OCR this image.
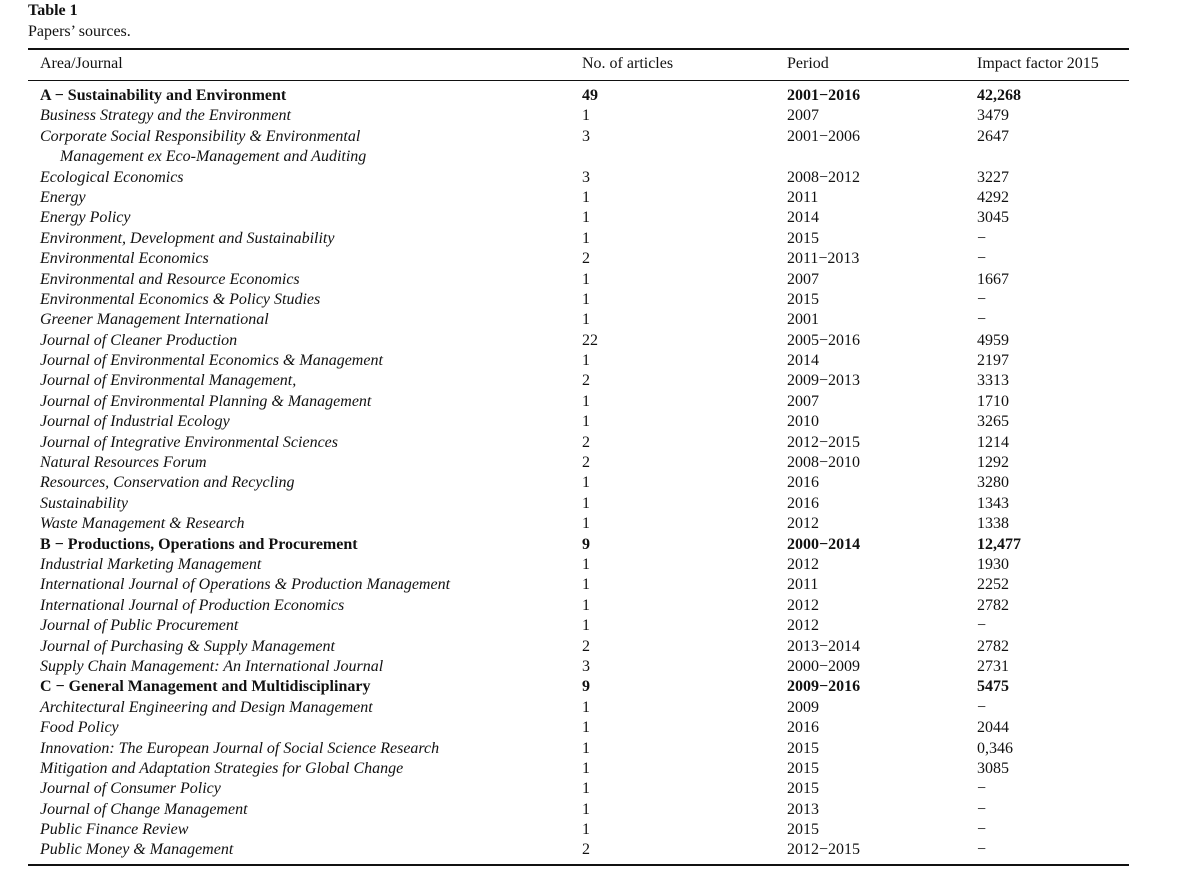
Table 1
Papers’ sources.
Area/Journal	No. of articles	Period	Impact factor 2015
A − Sustainability and Environment	49	2001−2016	42,268
Business Strategy and the Environment	1	2007	3479
Corporate Social Responsibility & Environmental
Management ex Eco-Management and Auditing
3	2001−2006	2647
Ecological Economics	3	2008−2012	3227
Energy	1	2011	4292
Energy Policy	1	2014	3045
Environment, Development and Sustainability	1	2015	−
Environmental Economics	2	2011−2013	−
Environmental and Resource Economics	1	2007	1667
Environmental Economics & Policy Studies	1	2015	−
Greener Management International	1	2001	−
Journal of Cleaner Production	22	2005−2016	4959
Journal of Environmental Economics & Management	1	2014	2197
Journal of Environmental Management,	2	2009−2013	3313
Journal of Environmental Planning & Management	1	2007	1710
Journal of Industrial Ecology	1	2010	3265
Journal of Integrative Environmental Sciences	2	2012−2015	1214
Natural Resources Forum	2	2008−2010	1292
Resources, Conservation and Recycling	1	2016	3280
Sustainability	1	2016	1343
Waste Management & Research	1	2012	1338
B − Productions, Operations and Procurement	9	2000−2014	12,477
Industrial Marketing Management	1	2012	1930
International Journal of Operations & Production Management	1	2011	2252
International Journal of Production Economics	1	2012	2782
Journal of Public Procurement	1	2012	−
Journal of Purchasing & Supply Management	2	2013−2014	2782
Supply Chain Management: An International Journal	3	2000−2009	2731
C − General Management and Multidisciplinary	9	2009−2016	5475
Architectural Engineering and Design Management	1	2009	−
Food Policy	1	2016	2044
Innovation: The European Journal of Social Science Research	1	2015	0,346
Mitigation and Adaptation Strategies for Global Change	1	2015	3085
Journal of Consumer Policy	1	2015	−
Journal of Change Management	1	2013	−
Public Finance Review	1	2015	−
Public Money & Management	2	2012−2015	−
